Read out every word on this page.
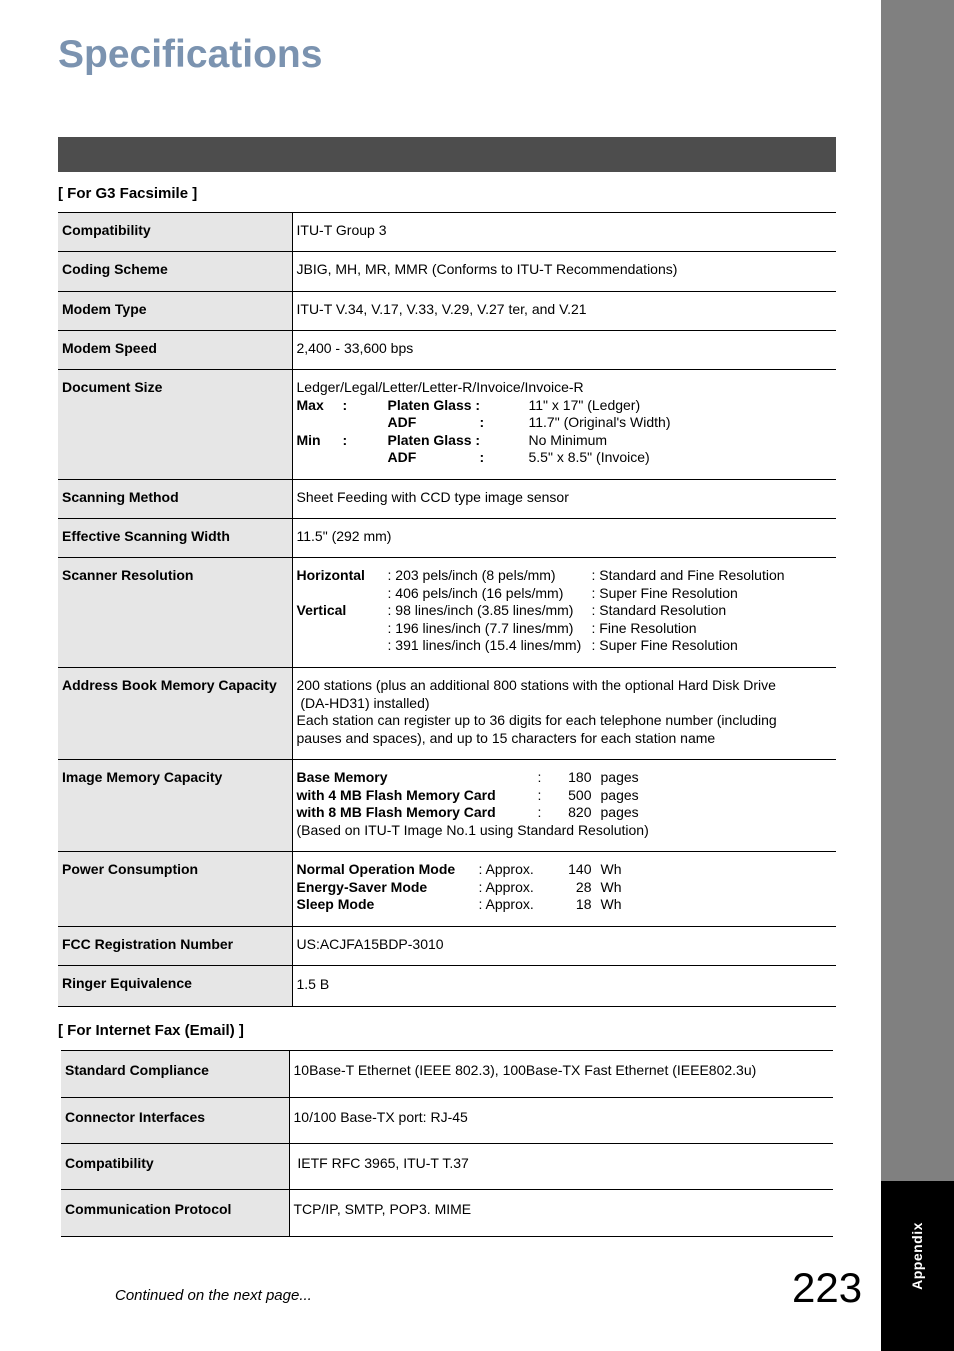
Appendix
Specifications
[ For G3 Facsimile ]
Compatibility	ITU-T Group 3

Coding Scheme	JBIG, MH, MR, MMR (Conforms to ITU-T Recommendations)

Modem Type	ITU-T V.34, V.17, V.33, V.29, V.27 ter, and V.21

Modem Speed	2,400 - 33,600 bps

Document Size	Ledger/Legal/Letter/Letter-R/Invoice/Invoice-R
Max : Platen Glass : 11" x 17" (Ledger)
ADF : 11.7" (Original's Width)
Min : Platen Glass : No Minimum
ADF : 5.5" x 8.5" (Invoice)

Scanning Method	Sheet Feeding with CCD type image sensor

Effective Scanning Width	11.5" (292 mm)

Scanner Resolution	Horizontal : 203 pels/inch (8 pels/mm) : Standard and Fine Resolution
: 406 pels/inch (16 pels/mm) : Super Fine Resolution
Vertical : 98 lines/inch (3.85 lines/mm) : Standard Resolution
: 196 lines/inch (7.7 lines/mm) : Fine Resolution
: 391 lines/inch (15.4 lines/mm) : Super Fine Resolution

Address Book Memory Capacity	200 stations (plus an additional 800 stations with the optional Hard Disk Drive
(DA-HD31) installed)
Each station can register up to 36 digits for each telephone number (including
pauses and spaces), and up to 15 characters for each station name

Image Memory Capacity	Base Memory : 180 pages
with 4 MB Flash Memory Card : 500 pages
with 8 MB Flash Memory Card : 820 pages
(Based on ITU-T Image No.1 using Standard Resolution)

Power Consumption	Normal Operation Mode : Approx. 140 Wh
Energy-Saver Mode : Approx. 28 Wh
Sleep Mode : Approx. 18 Wh

FCC Registration Number	US:ACJFA15BDP-3010

Ringer Equivalence	1.5 B
[ For Internet Fax (Email) ]
Standard Compliance	10Base-T Ethernet (IEEE 802.3), 100Base-TX Fast Ethernet (IEEE802.3u)

Connector Interfaces	10/100 Base-TX port: RJ-45

Compatibility	IETF RFC 3965, ITU-T T.37

Communication Protocol	TCP/IP, SMTP, POP3. MIME
Continued on the next page...	223
